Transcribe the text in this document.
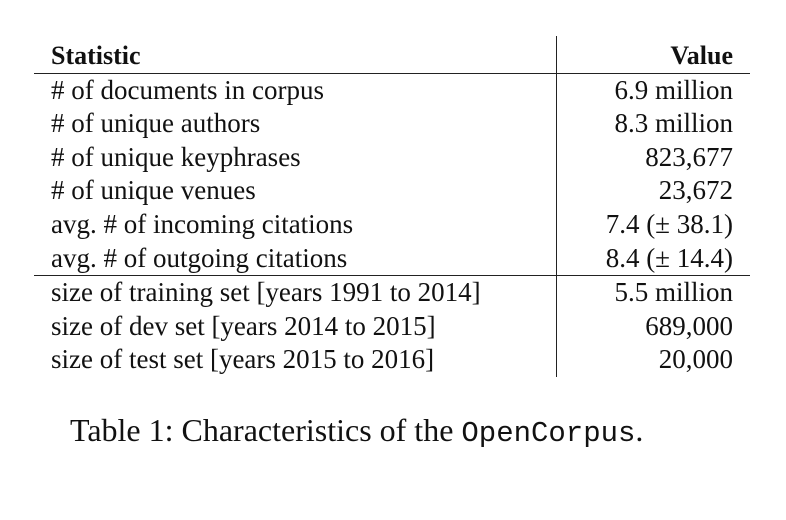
Statistic	Value
# of documents in corpus	6.9 million
# of unique authors	8.3 million
# of unique keyphrases	823,677
# of unique venues	23,672
avg. # of incoming citations	7.4 (± 38.1)
avg. # of outgoing citations	8.4 (± 14.4)
size of training set [years 1991 to 2014]	5.5 million
size of dev set [years 2014 to 2015]	689,000
size of test set [years 2015 to 2016]	20,000
Table 1: Characteristics of the OpenCorpus.
